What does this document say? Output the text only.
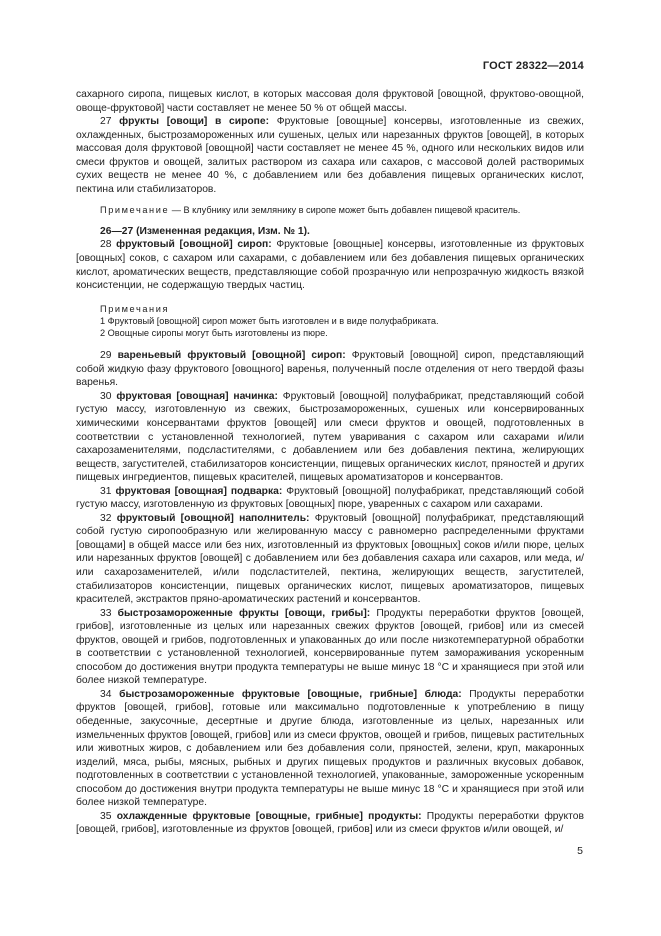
ГОСТ 28322—2014

сахарного сиропа, пищевых кислот, в которых массовая доля фруктовой [овощной, фруктово-овощной, овоще-фруктовой] части составляет не менее 50 % от общей массы.

27 фрукты [овощи] в сиропе: Фруктовые [овощные] консервы, изготовленные из свежих, охлажденных, быстрозамороженных или сушеных, целых или нарезанных фруктов [овощей], в которых массовая доля фруктовой [овощной] части составляет не менее 45 %, одного или нескольких видов или смеси фруктов и овощей, залитых раствором из сахара или сахаров, с массовой долей растворимых сухих веществ не менее 40 %, с добавлением или без добавления пищевых органических кислот, пектина или стабилизаторов.

Примечание — В клубнику или землянику в сиропе может быть добавлен пищевой краситель.

26—27 (Измененная редакция, Изм. № 1).

28 фруктовый [овощной] сироп: Фруктовые [овощные] консервы, изготовленные из фруктовых [овощных] соков, с сахаром или сахарами, с добавлением или без добавления пищевых органических кислот, ароматических веществ, представляющие собой прозрачную или непрозрачную жидкость вязкой консистенции, не содержащую твердых частиц.

Примечания
1 Фруктовый [овощной] сироп может быть изготовлен и в виде полуфабриката.
2 Овощные сиропы могут быть изготовлены из пюре.

29 вареньевый фруктовый [овощной] сироп: Фруктовый [овощной] сироп, представляющий собой жидкую фазу фруктового [овощного] варенья, полученный после отделения от него твердой фазы варенья.

30 фруктовая [овощная] начинка: Фруктовый [овощной] полуфабрикат, представляющий собой густую массу, изготовленную из свежих, быстрозамороженных, сушеных или консервированных химическими консервантами фруктов [овощей] или смеси фруктов и овощей, подготовленных в соответствии с установленной технологией, путем уваривания с сахаром или сахарами и/или сахарозаменителями, подсластителями, с добавлением или без добавления пектина, желирующих веществ, загустителей, стабилизаторов консистенции, пищевых органических кислот, пряностей и других пищевых ингредиентов, пищевых красителей, пищевых ароматизаторов и консервантов.

31 фруктовая [овощная] подварка: Фруктовый [овощной] полуфабрикат, представляющий собой густую массу, изготовленную из фруктовых [овощных] пюре, уваренных с сахаром или сахарами.

32 фруктовый [овощной] наполнитель: Фруктовый [овощной] полуфабрикат, представляющий собой густую сиропообразную или желированную массу с равномерно распределенными фруктами [овощами] в общей массе или без них, изготовленный из фруктовых [овощных] соков и/или пюре, целых или нарезанных фруктов [овощей] с добавлением или без добавления сахара или сахаров, или меда, и/или сахарозаменителей, и/или подсластителей, пектина, желирующих веществ, загустителей, стабилизаторов консистенции, пищевых органических кислот, пищевых ароматизаторов, пищевых красителей, экстрактов пряно-ароматических растений и консервантов.

33 быстрозамороженные фрукты [овощи, грибы]: Продукты переработки фруктов [овощей, грибов], изготовленные из целых или нарезанных свежих фруктов [овощей, грибов] или из смесей фруктов, овощей и грибов, подготовленных и упакованных до или после низкотемпературной обработки в соответствии с установленной технологией, консервированные путем замораживания ускоренным способом до достижения внутри продукта температуры не выше минус 18 °С и хранящиеся при этой или более низкой температуре.

34 быстрозамороженные фруктовые [овощные, грибные] блюда: Продукты переработки фруктов [овощей, грибов], готовые или максимально подготовленные к употреблению в пищу обеденные, закусочные, десертные и другие блюда, изготовленные из целых, нарезанных или измельченных фруктов [овощей, грибов] или из смеси фруктов, овощей и грибов, пищевых растительных или животных жиров, с добавлением или без добавления соли, пряностей, зелени, круп, макаронных изделий, мяса, рыбы, мясных, рыбных и других пищевых продуктов и различных вкусовых добавок, подготовленных в соответствии с установленной технологией, упакованные, замороженные ускоренным способом до достижения внутри продукта температуры не выше минус 18 °С и хранящиеся при этой или более низкой температуре.

35 охлажденные фруктовые [овощные, грибные] продукты: Продукты переработки фруктов [овощей, грибов], изготовленные из фруктов [овощей, грибов] или из смеси фруктов и/или овощей, и/

5
